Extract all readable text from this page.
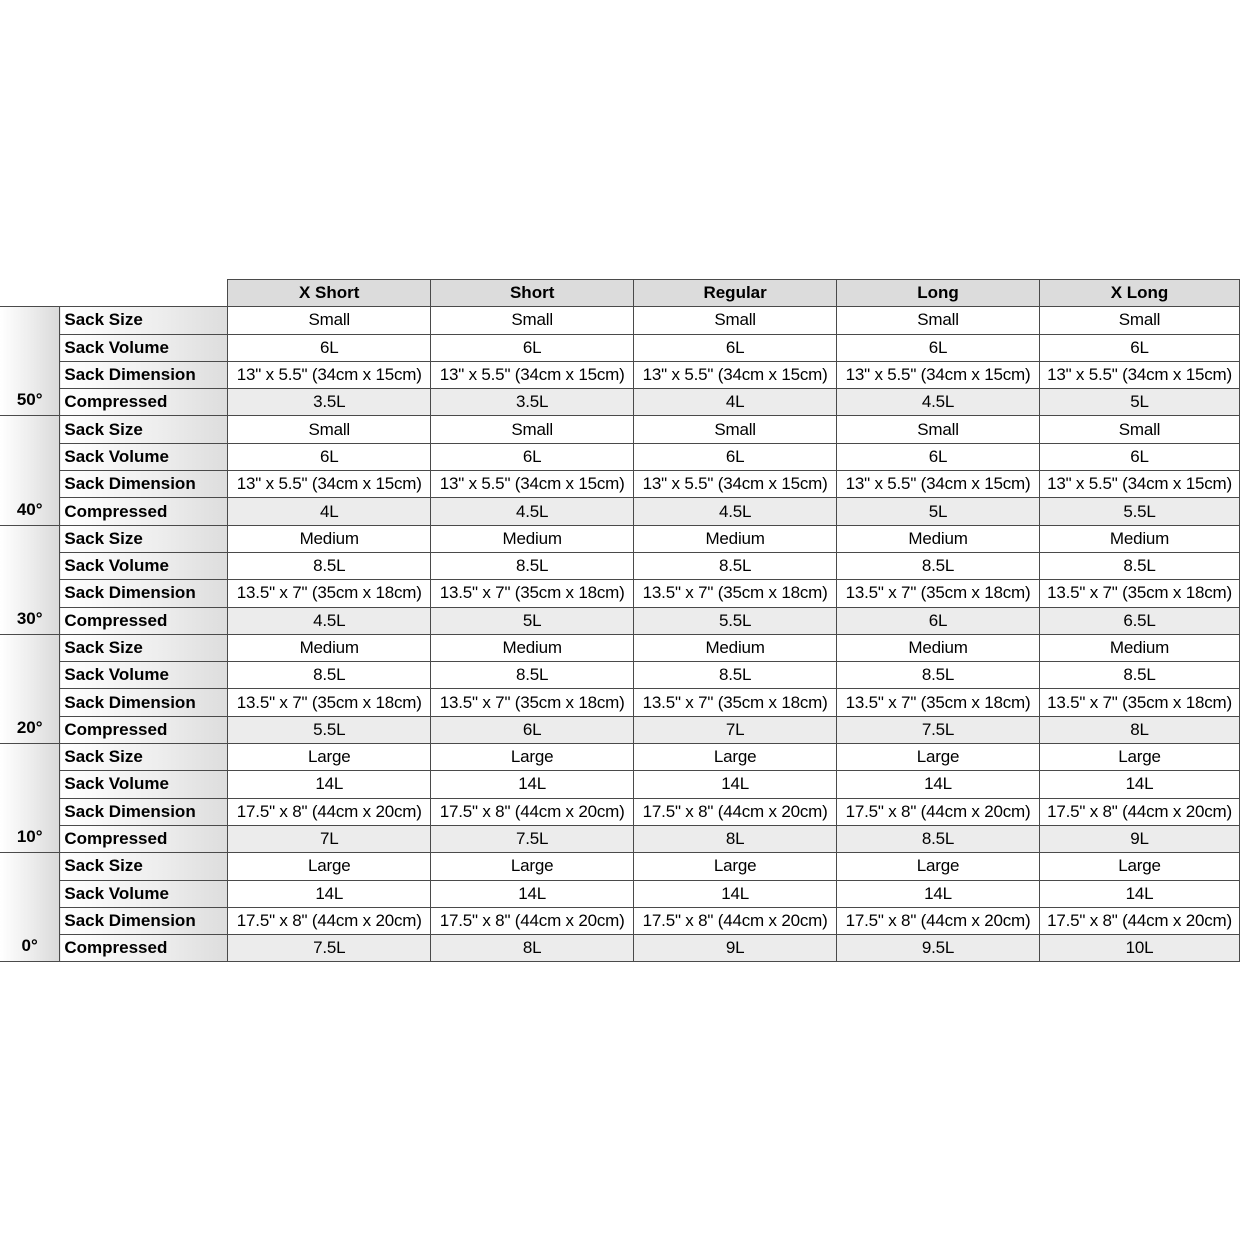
		X Short	Short	Regular	Long	X Long
50°	Sack Size	Small	Small	Small	Small	Small
	Sack Volume	6L	6L	6L	6L	6L
	Sack Dimension	13" x 5.5" (34cm x 15cm)	13" x 5.5" (34cm x 15cm)	13" x 5.5" (34cm x 15cm)	13" x 5.5" (34cm x 15cm)	13" x 5.5" (34cm x 15cm)
	Compressed	3.5L	3.5L	4L	4.5L	5L
40°	Sack Size	Small	Small	Small	Small	Small
	Sack Volume	6L	6L	6L	6L	6L
	Sack Dimension	13" x 5.5" (34cm x 15cm)	13" x 5.5" (34cm x 15cm)	13" x 5.5" (34cm x 15cm)	13" x 5.5" (34cm x 15cm)	13" x 5.5" (34cm x 15cm)
	Compressed	4L	4.5L	4.5L	5L	5.5L
30°	Sack Size	Medium	Medium	Medium	Medium	Medium
	Sack Volume	8.5L	8.5L	8.5L	8.5L	8.5L
	Sack Dimension	13.5" x 7" (35cm x 18cm)	13.5" x 7" (35cm x 18cm)	13.5" x 7" (35cm x 18cm)	13.5" x 7" (35cm x 18cm)	13.5" x 7" (35cm x 18cm)
	Compressed	4.5L	5L	5.5L	6L	6.5L
20°	Sack Size	Medium	Medium	Medium	Medium	Medium
	Sack Volume	8.5L	8.5L	8.5L	8.5L	8.5L
	Sack Dimension	13.5" x 7" (35cm x 18cm)	13.5" x 7" (35cm x 18cm)	13.5" x 7" (35cm x 18cm)	13.5" x 7" (35cm x 18cm)	13.5" x 7" (35cm x 18cm)
	Compressed	5.5L	6L	7L	7.5L	8L
10°	Sack Size	Large	Large	Large	Large	Large
	Sack Volume	14L	14L	14L	14L	14L
	Sack Dimension	17.5" x 8" (44cm x 20cm)	17.5" x 8" (44cm x 20cm)	17.5" x 8" (44cm x 20cm)	17.5" x 8" (44cm x 20cm)	17.5" x 8" (44cm x 20cm)
	Compressed	7L	7.5L	8L	8.5L	9L
0°	Sack Size	Large	Large	Large	Large	Large
	Sack Volume	14L	14L	14L	14L	14L
	Sack Dimension	17.5" x 8" (44cm x 20cm)	17.5" x 8" (44cm x 20cm)	17.5" x 8" (44cm x 20cm)	17.5" x 8" (44cm x 20cm)	17.5" x 8" (44cm x 20cm)
	Compressed	7.5L	8L	9L	9.5L	10L
